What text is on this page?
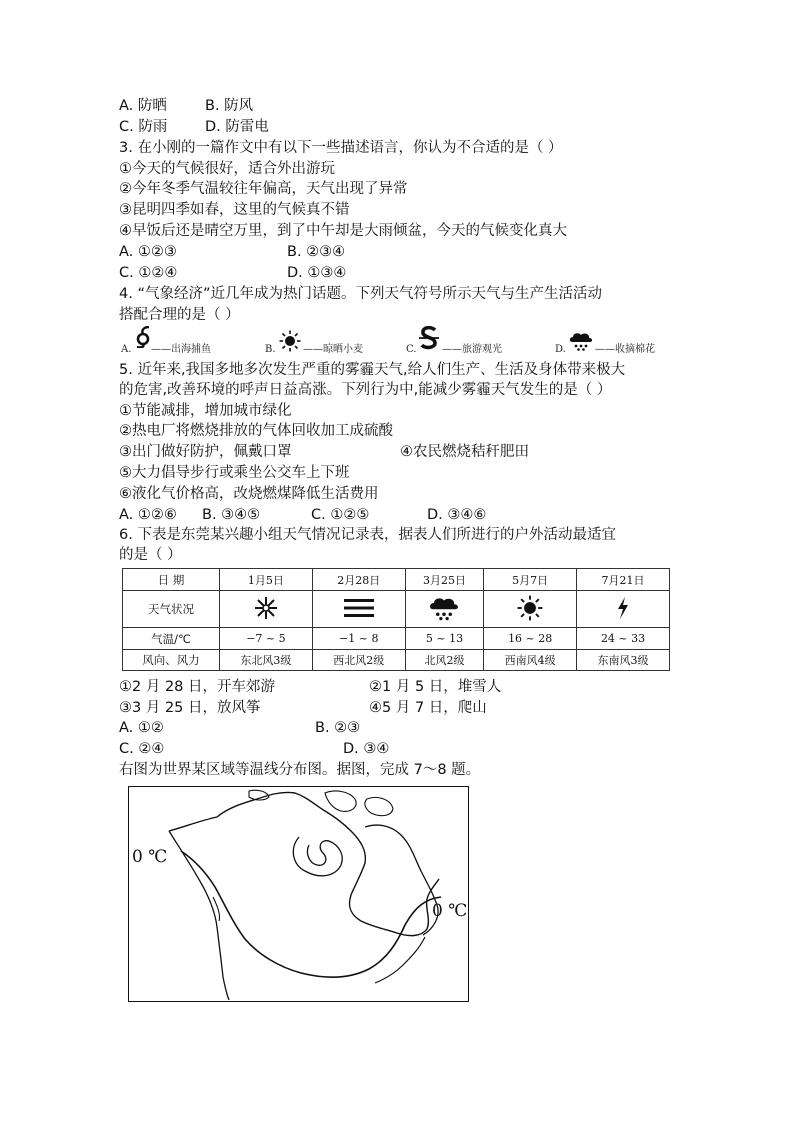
A. 防晒	B. 防风
C. 防雨	D. 防雷电
3. 在小刚的一篇作文中有以下一些描述语言，你认为不合适的是（ ）
①今天的气候很好，适合外出游玩
②今年冬季气温较往年偏高，天气出现了异常
③昆明四季如春，这里的气候真不错
④早饭后还是晴空万里，到了中午却是大雨倾盆，今天的气候变化真大
A. ①②③	B. ②③④
C. ①②④	D. ①③④
4. “气象经济”近几年成为热门话题。下列天气符号所示天气与生产生活活动
搭配合理的是（ ）
A. ——出海捕鱼	B.	——晾晒小麦	C.	——旅游观光	D.	——收摘棉花
5. 近年来,我国多地多次发生严重的雾霾天气,给人们生产、生活及身体带来极大
的危害,改善环境的呼声日益高涨。下列行为中,能减少雾霾天气发生的是（ ）
①节能减排，增加城市绿化
②热电厂将燃烧排放的气体回收加工成硫酸
③出门做好防护，佩戴口罩	④农民燃烧秸秆肥田
⑤大力倡导步行或乘坐公交车上下班
⑥液化气价格高，改烧燃煤降低生活费用
A. ①②⑥ B. ③④⑤	C. ①②⑤	D. ③④⑥
6. 下表是东莞某兴趣小组天气情况记录表，据表人们所进行的户外活动最适宜
的是（ ）
日 期	1月5日	2月28日	3月25日	5月7日	7月21日
天气状况					
气温/℃	−7 ~ 5	−1 ~ 8	5 ~ 13	16 ~ 28	24 ~ 33
风向、风力	东北风3级	西北风2级	北风2级	西南风4级	东南风3级
①2 月 28 日，开车郊游	②1 月 5 日，堆雪人
③3 月 25 日，放风筝	④5 月 7 日，爬山
A. ①②	B. ②③
C. ②④	D. ③④
右图为世界某区域等温线分布图。据图，完成 7～8 题。
0 ℃
0 ℃
